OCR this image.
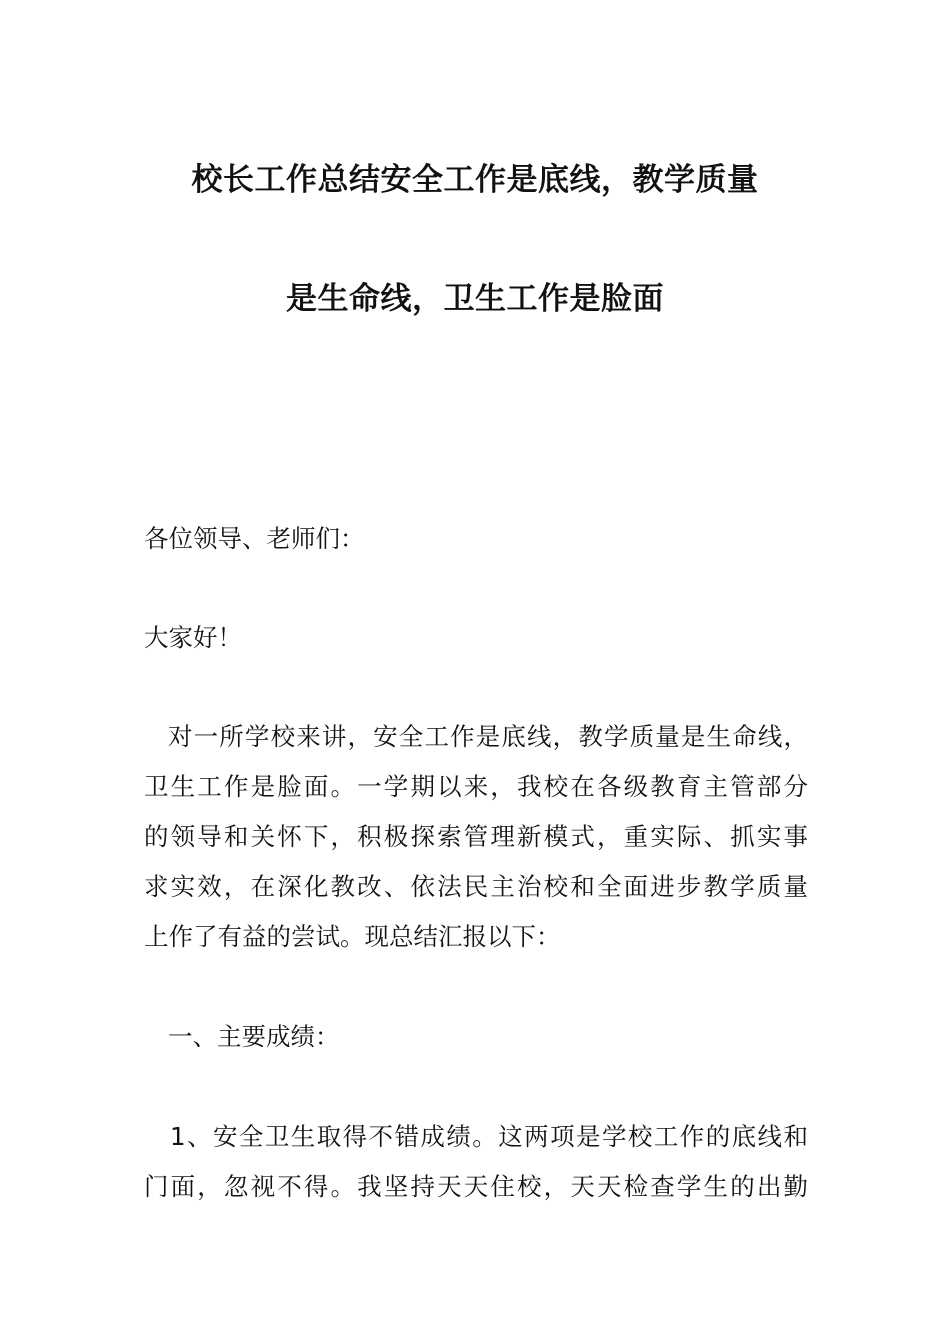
校长工作总结安全工作是底线，教学质量
是生命线，卫生工作是脸面
各位领导、老师们：
大家好！
对一所学校来讲，安全工作是底线，教学质量是生命线，
卫生工作是脸面。一学期以来，我校在各级教育主管部分
的领导和关怀下，积极探索管理新模式，重实际、抓实事
求实效，在深化教改、依法民主治校和全面进步教学质量
上作了有益的尝试。现总结汇报以下：
一、主要成绩：
1、安全卫生取得不错成绩。这两项是学校工作的底线和
门面，忽视不得。我坚持天天住校，天天检查学生的出勤
